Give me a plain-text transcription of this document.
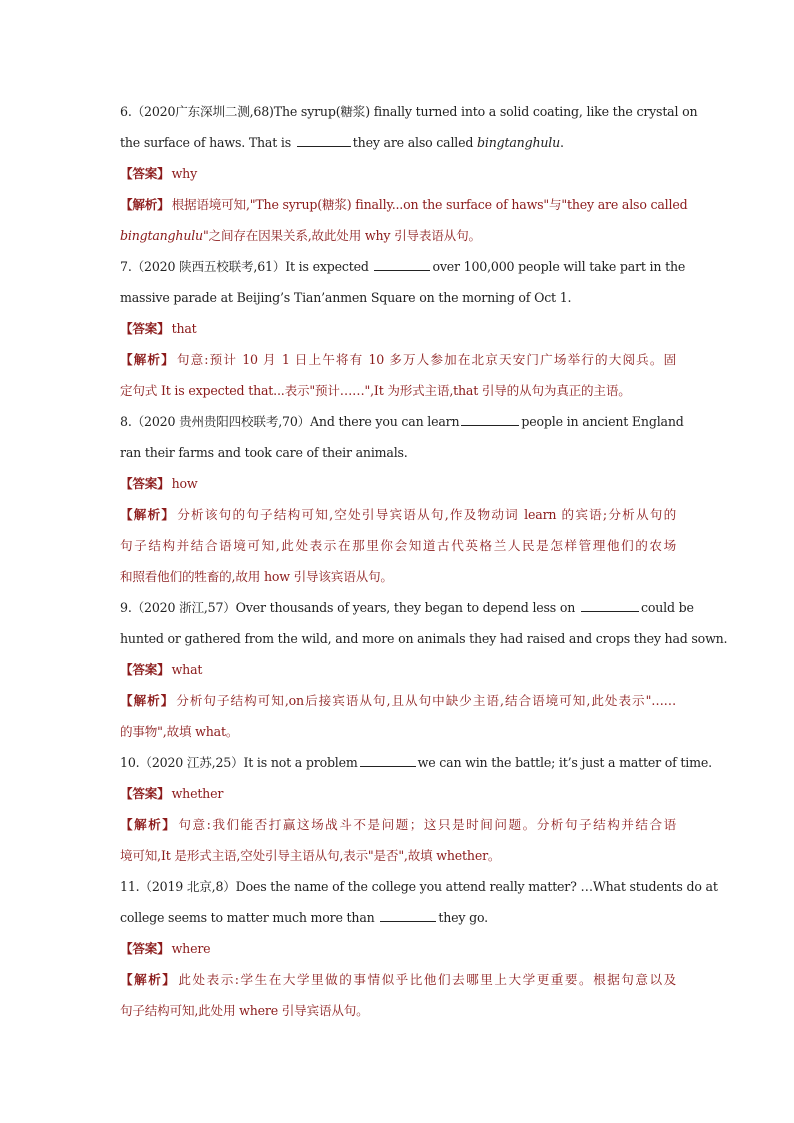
6.（2020广东深圳二测,68)The syrup(糖浆) finally turned into a solid coating, like the crystal on
the surface of haws. That is	they are also called bingtanghulu.
【答案】 why
【解析】 根据语境可知,"The syrup(糖浆) finally...on the surface of haws"与"they are also called
bingtanghulu"之间存在因果关系,故此处用 why 引导表语从句。
7.（2020 陕西五校联考,61）It is expected	over 100,000 people will take part in the
massive parade at Beijing’s Tian’anmen Square on the morning of Oct 1.
【答案】 that
【解析】 句意:预计 10 月 1 日上午将有 10 多万人参加在北京天安门广场举行的大阅兵。固
定句式 It is expected that...表示"预计……",It 为形式主语,that 引导的从句为真正的主语。
8.（2020 贵州贵阳四校联考,70）And there you can learn	people in ancient England
ran their farms and took care of their animals.
【答案】 how
【解析】 分析该句的句子结构可知,空处引导宾语从句,作及物动词 learn 的宾语;分析从句的
句子结构并结合语境可知,此处表示在那里你会知道古代英格兰人民是怎样管理他们的农场
和照看他们的牲畜的,故用 how 引导该宾语从句。
9.（2020 浙江,57）Over thousands of years, they began to depend less on	could be
hunted or gathered from the wild, and more on animals they had raised and crops they had sown.
【答案】 what
【解析】 分析句子结构可知,on后接宾语从句,且从句中缺少主语,结合语境可知,此处表示"……
的事物",故填 what。
10.（2020 江苏,25）It is not a problem	we can win the battle; it’s just a matter of time.
【答案】 whether
【解析】 句意:我们能否打赢这场战斗不是问题；这只是时间问题。分析句子结构并结合语
境可知,It 是形式主语,空处引导主语从句,表示"是否",故填 whether。
11.（2019 北京,8）Does the name of the college you attend really matter? …What students do at
college seems to matter much more than	they go.
【答案】 where
【解析】 此处表示:学生在大学里做的事情似乎比他们去哪里上大学更重要。根据句意以及
句子结构可知,此处用 where 引导宾语从句。
